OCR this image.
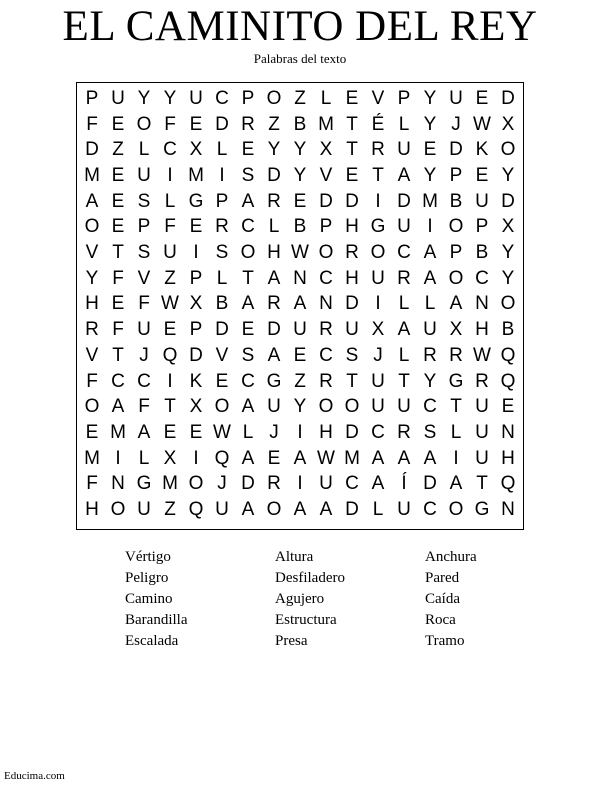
EL CAMINITO DEL REY
Palabras del texto
P U Y Y U C P O Z L E V P Y U E D
F E O F E D R Z B M T É L Y J W X
D Z L C X L E Y Y X T R U E D K O
M E U I M I S D Y V E T A Y P E Y
A E S L G P A R E D D I D M B U D
O E P F E R C L B P H G U I O P X
V T S U I S O H W O R O C A P B Y
Y F V Z P L T A N C H U R A O C Y
H E F W X B A R A N D I L L A N O
R F U E P D E D U R U X A U X H B
V T J Q D V S A E C S J L R R W Q
F C C I K E C G Z R T U T Y G R Q
O A F T X O A U Y O O U U C T U E
E M A E E W L J I H D C R S L U N
M I L X I Q A E A W M A A A I U H
F N G M O J D R I U C A Í D A T Q
H O U Z Q U A O A A D L U C O G N
Vértigo	Altura	Anchura
Peligro	Desfiladero	Pared
Camino	Agujero	Caída
Barandilla	Estructura	Roca
Escalada	Presa	Tramo
Educima.com
